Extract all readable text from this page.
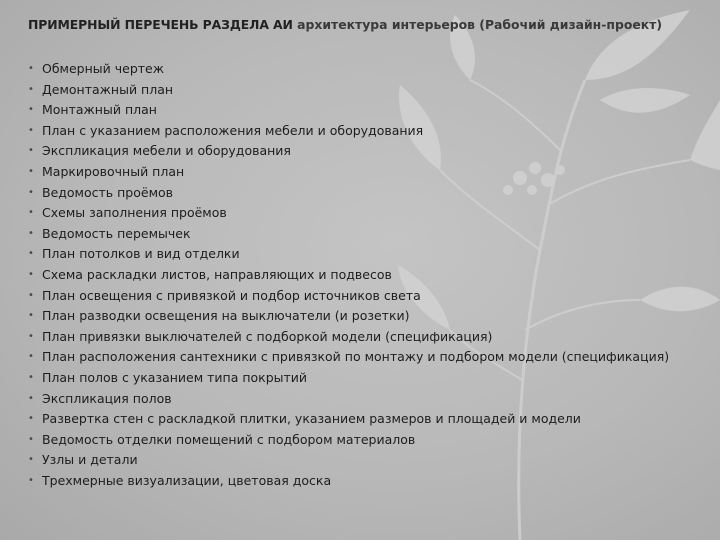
ПРИМЕРНЫЙ ПЕРЕЧЕНЬ РАЗДЕЛА АИ архитектура интерьеров (Рабочий дизайн-проект)
• Обмерный чертеж
• Демонтажный план
• Монтажный план
• План с указанием расположения мебели и оборудования
• Экспликация мебели и оборудования
• Маркировочный план
• Ведомость проёмов
• Схемы заполнения проёмов
• Ведомость перемычек
• План потолков и вид отделки
• Схема раскладки листов, направляющих и подвесов
• План освещения с привязкой и подбор источников света
• План разводки освещения на выключатели (и розетки)
• План привязки выключателей с подборкой модели (спецификация)
• План расположения сантехники с привязкой по монтажу и подбором модели (спецификация)
• План полов с указанием типа покрытий
• Экспликация полов
• Развертка стен с раскладкой плитки, указанием размеров и площадей и модели
• Ведомость отделки помещений с подбором материалов
• Узлы и детали
• Трехмерные визуализации, цветовая доска
